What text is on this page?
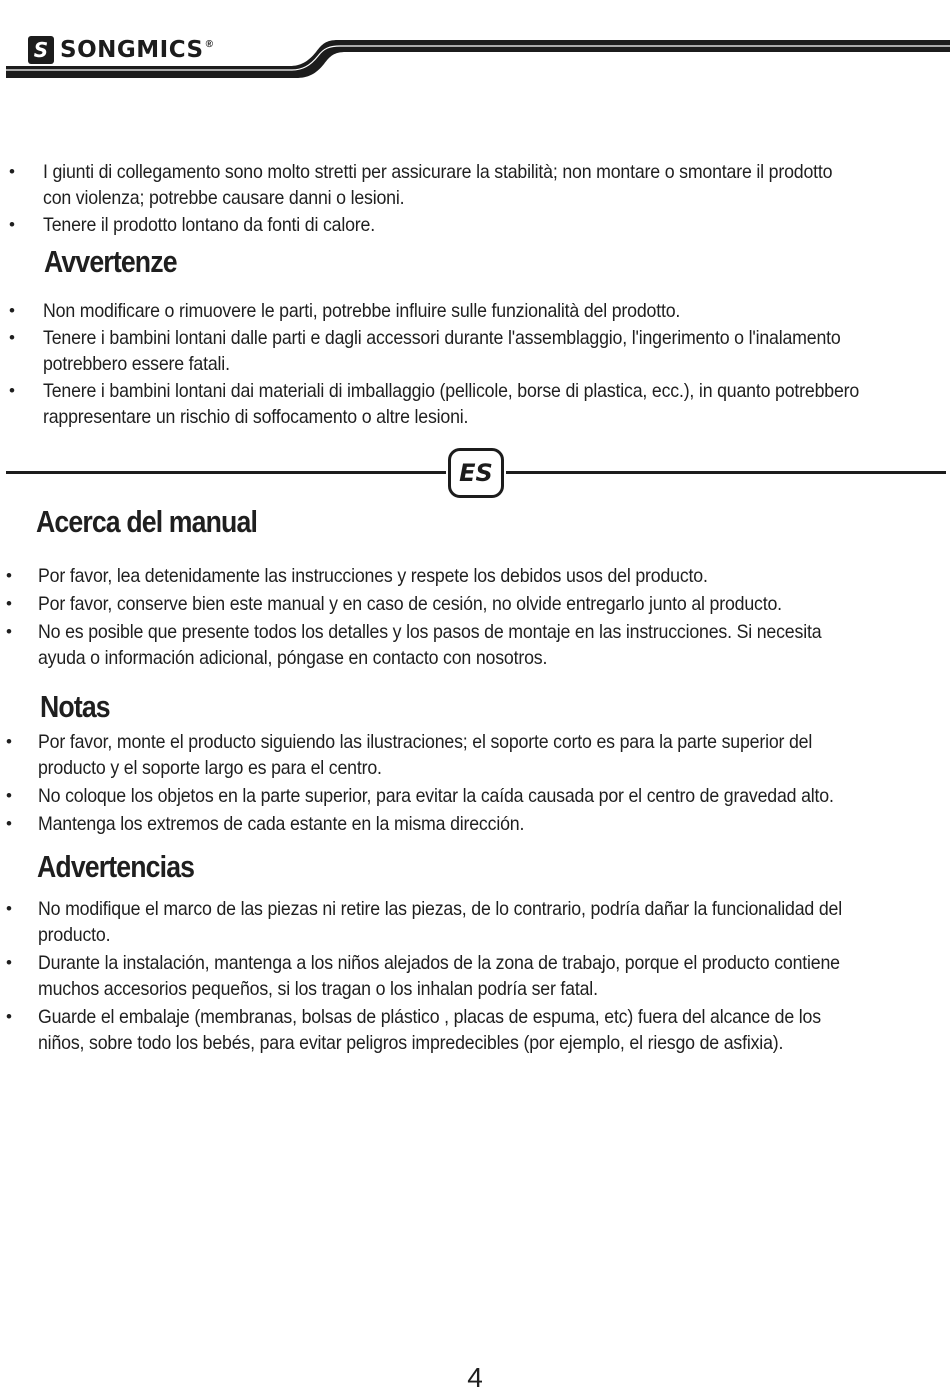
S SONGMICS ®
• I giunti di collegamento sono molto stretti per assicurare la stabilità; non montare o smontare il prodotto con violenza; potrebbe causare danni o lesioni.
• Tenere il prodotto lontano da fonti di calore.
Avvertenze
• Non modificare o rimuovere le parti, potrebbe influire sulle funzionalità del prodotto.
• Tenere i bambini lontani dalle parti e dagli accessori durante l'assemblaggio, l'ingerimento o l'inalamento potrebbero essere fatali.
• Tenere i bambini lontani dai materiali di imballaggio (pellicole, borse di plastica, ecc.), in quanto potrebbero rappresentare un rischio di soffocamento o altre lesioni.
ES
Acerca del manual
• Por favor, lea detenidamente las instrucciones y respete los debidos usos del producto.
• Por favor, conserve bien este manual y en caso de cesión, no olvide entregarlo junto al producto.
• No es posible que presente todos los detalles y los pasos de montaje en las instrucciones. Si necesita ayuda o información adicional, póngase en contacto con nosotros.
Notas
• Por favor, monte el producto siguiendo las ilustraciones; el soporte corto es para la parte superior del producto y el soporte largo es para el centro.
• No coloque los objetos en la parte superior, para evitar la caída causada por el centro de gravedad alto.
• Mantenga los extremos de cada estante en la misma dirección.
Advertencias
• No modifique el marco de las piezas ni retire las piezas, de lo contrario, podría dañar la funcionalidad del producto.
• Durante la instalación, mantenga a los niños alejados de la zona de trabajo, porque el producto contiene muchos accesorios pequeños, si los tragan o los inhalan podría ser fatal.
• Guarde el embalaje (membranas, bolsas de plástico , placas de espuma, etc) fuera del alcance de los niños, sobre todo los bebés, para evitar peligros impredecibles (por ejemplo, el riesgo de asfixia).
4
